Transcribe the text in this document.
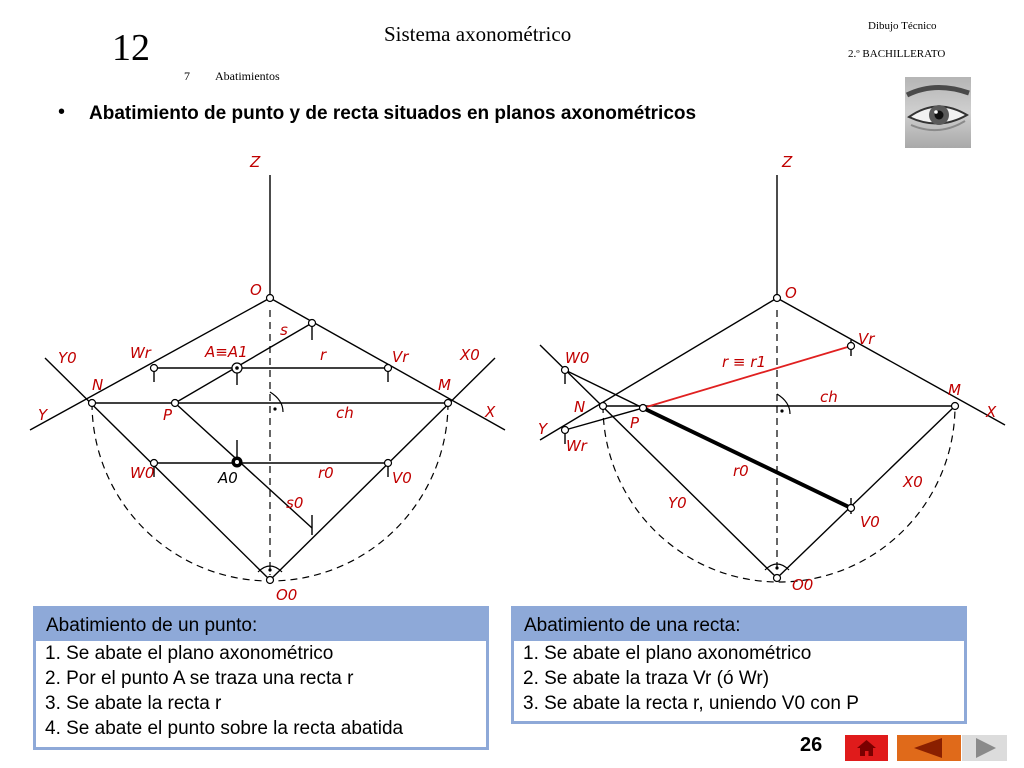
12	Sistema axonométrico
7 Abatimientos
Dibujo Técnico
2.º BACHILLERATO
• Abatimiento de punto y de recta situados en planos axonométricos
Z
O
s
Wr	A≡A1	r	Vr
Y0	X0
N	M
Y	X
P	ch
W0	A0	r0	V0
s0
O0
Z
O
Vr
W0	r ≡ r1
M
ch
N	X
P
Y
Wr
r0
X0
Y0
V0
O0
Abatimiento de un punto:
1. Se abate el plano axonométrico
2. Por el punto A se traza una recta r
3. Se abate la recta r
4. Se abate el punto sobre la recta abatida
Abatimiento de una recta:
1. Se abate el plano axonométrico
2. Se abate la traza Vr (ó Wr)
3. Se abate la recta r, uniendo V0 con P
26
